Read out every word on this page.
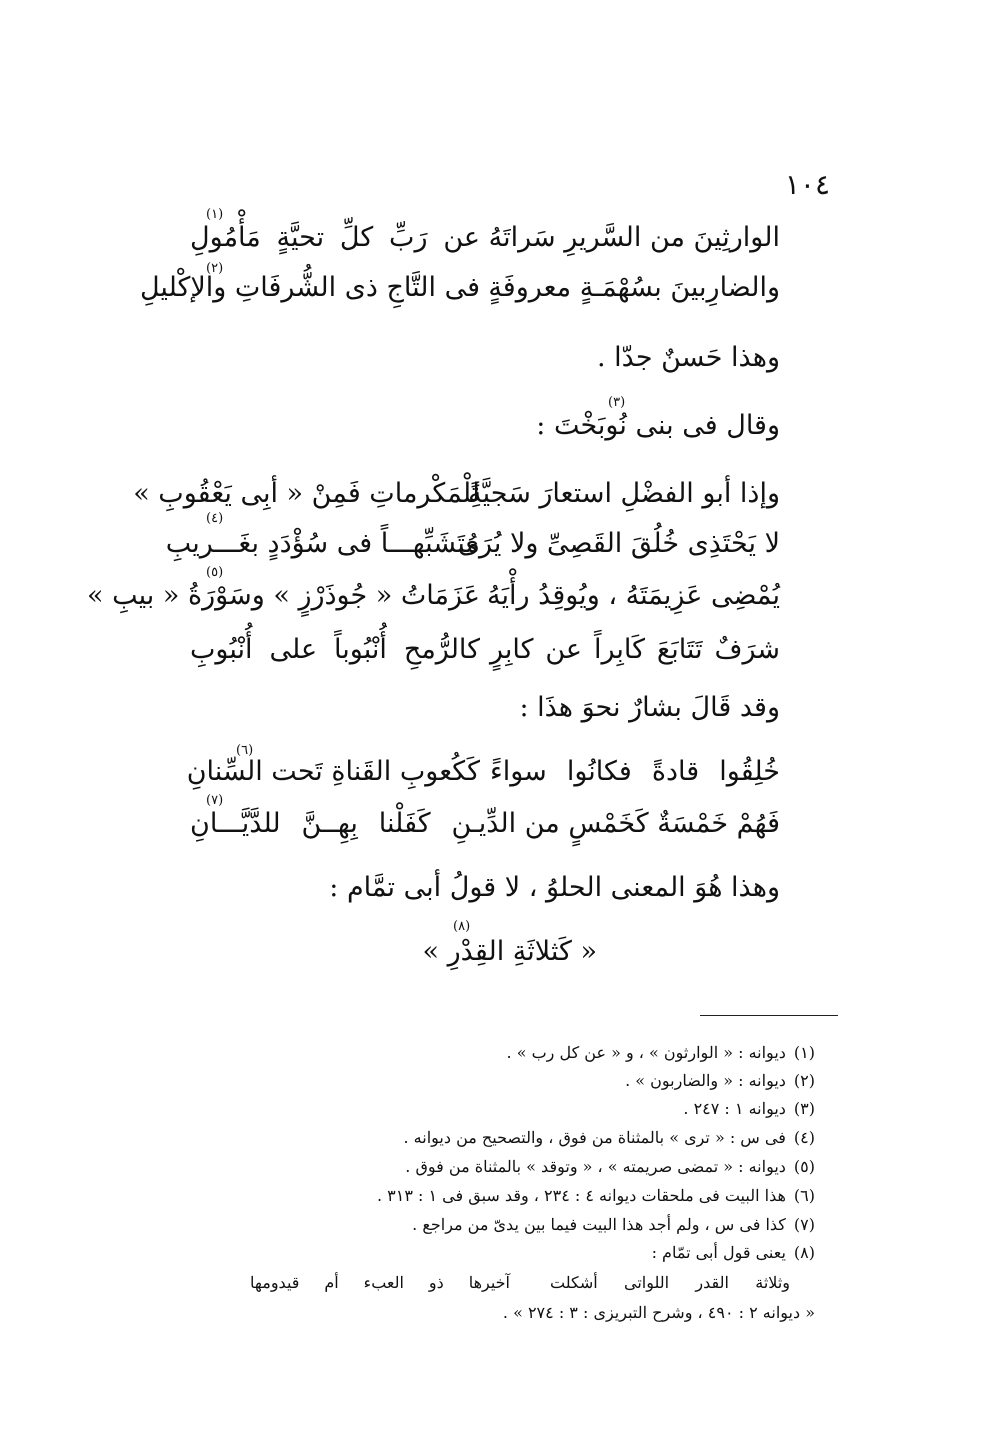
١٠٤
الوارثِينَ من السَّريرِ سَراتَهُ
عن رَبِّ كلِّ تحيَّةٍ مَأْمُولِ
(١)
والضارِبينَ بسُهْمَـةٍ معروفَةٍ
فى التَّاجِ ذى الشُّرفَاتِ والإكْليلِ
(٢)
وهذا حَسنٌ جدّا .
(٣)
وقال فى بنى نُوبَخْتَ :
وإذا أبو الفضْلِ استعارَ سَجيَّةً
لِلْمَكْرماتِ فَمِنْ « أبِى يَعْقُوبِ »
لا يَحْتَذِى خُلُقَ القَصِىِّ ولا يُرَى
مُتَشَبِّهـــاً فى سُؤْدَدٍ بغَـــريبِ
(٤)
يُمْضِى عَزِيمَتَهُ ، ويُوقِدُ رأْيَهُ
عَزَمَاتُ « جُوذَرْزٍ » وسَوْرَةُ « بيبِ »
(٥)
شرَفٌ تَتَابَعَ كَابِراً عن كابِرٍ
كالرُّمحِ أُنْبُوباً على أُنْبُوبِ
وقد قَالَ بشارٌ نحوَ هذَا :
خُلِقُوا قادةً فكانُوا سواءً
كَكُعوبِ القَناةِ تَحت السِّنانِ
(٦)
فَهُمْ خَمْسَةٌ كَخَمْسٍ من الدِّيـ
ـنِ كَفَلْنا بِهِــنَّ للدَّيَّـــانِ
(٧)
وهذا هُوَ المعنى الحلوُ ، لا قولُ أبى تمَّام :
(٨)
« كَثلاثَةِ القِدْرِ »
(١)ديوانه : « الوارثون » ، و « عن كل رب » .
(٢)ديوانه : « والضاربون » .
(٣)ديوانه ١ : ٢٤٧ .
(٤)فى س : « ترى » بالمثناة من فوق ، والتصحيح من ديوانه .
(٥)ديوانه : « تمضى صريمته » ، « وتوقد » بالمثناة من فوق .
(٦)هذا البيت فى ملحقات ديوانه ٤ : ٢٣٤ ، وقد سبق فى ١ : ٣١٣ .
(٧)كذا فى س ، ولم أجد هذا البيت فيما بين يدىّ من مراجع .
(٨)يعنى قول أبى تمّام :
وثلاثة القدر اللواتى أشكلت
آخيرها ذو العبء أم قيدومها
« ديوانه ٢ : ٤٩٠ ، وشرح التبريزى : ٣ : ٢٧٤ » .
